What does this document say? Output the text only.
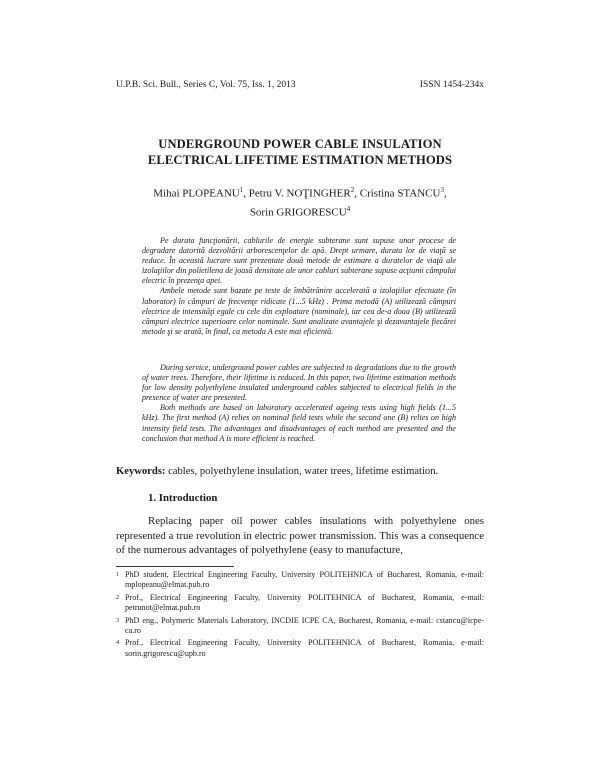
U.P.B. Sci. Bull., Series C, Vol. 75, Iss. 1, 2013	ISSN 1454-234x
UNDERGROUND POWER CABLE INSULATION
ELECTRICAL LIFETIME ESTIMATION METHODS
Mihai PLOPEANU$^1$, Petru V. NOŢINGHER$^2$, Cristina STANCU$^3$,
Sorin GRIGORESCU$^4$

Pe durata funcţionării, cablurile de energie subterane sunt supuse unor procese de degradare datorită dezvoltării arborescenţelor de apă. Drept urmare, durata lor de viaţă se reduce. În această lucrare sunt prezentate două metode de estimare a duratelor de viaţă ale izolaţiilor din polietilena de joasă densitate ale unor cabluri subterane supuse acţiunii câmpului electric în prezenţa apei.

Ambele metode sunt bazate pe teste de îmbătrânire accelerată a izolaţiilor efectuate (în laborator) în câmpuri de frecvenţe ridicate (1...5 kHz) . Prima metodă (A) utilizează câmpuri electrice de intensităţi egale cu cele din exploatare (nominale), iar cea de-a doua (B) utilizează câmpuri electrice superioare celor nominale. Sunt analizate avantajele şi dezavantajele fiecărei metode şi se arată, în final, ca metoda A este mai eficientă.

During service, underground power cables are subjected to degradations due to the growth of water trees. Therefore, their lifetime is reduced. In this paper, two lifetime estimation methods for low density polyethylene insulated underground cables subjected to electrical fields in the presence of water are presented.

Both methods are based on laboratory accelerated ageing tests using high fields (1...5 kHz). The first method (A) relies on nominal field tests while the second one (B) relies on high intensity field tests. The advantages and disadvantages of each method are presented and the conclusion that method A is more efficient is reached.

Keywords: cables, polyethylene insulation, water trees, lifetime estimation.
1. Introduction

Replacing paper oil power cables insulations with polyethylene ones represented a true revolution in electric power transmission. This was a consequence of the numerous advantages of polyethylene (easy to manufacture,

1 PhD student, Electrical Engineering Faculty, University POLITEHNICA of Bucharest, Romania, e-mail: mplopeanu@elmat.pub.ro
2 Prof., Electrical Engineering Faculty, University POLITEHNICA of Bucharest, Romania, e-mail: petrunot@elmat.pub.ro
3 PhD eng., Polymeric Materials Laboratory, INCDIE ICPE CA, Bucharest, Romania, e-mail: cstancu@icpe-ca.ro
4 Prof., Electrical Engineering Faculty, University POLITEHNICA of Bucharest, Romania, e-mail: sorin.grigorescu@upb.ro
